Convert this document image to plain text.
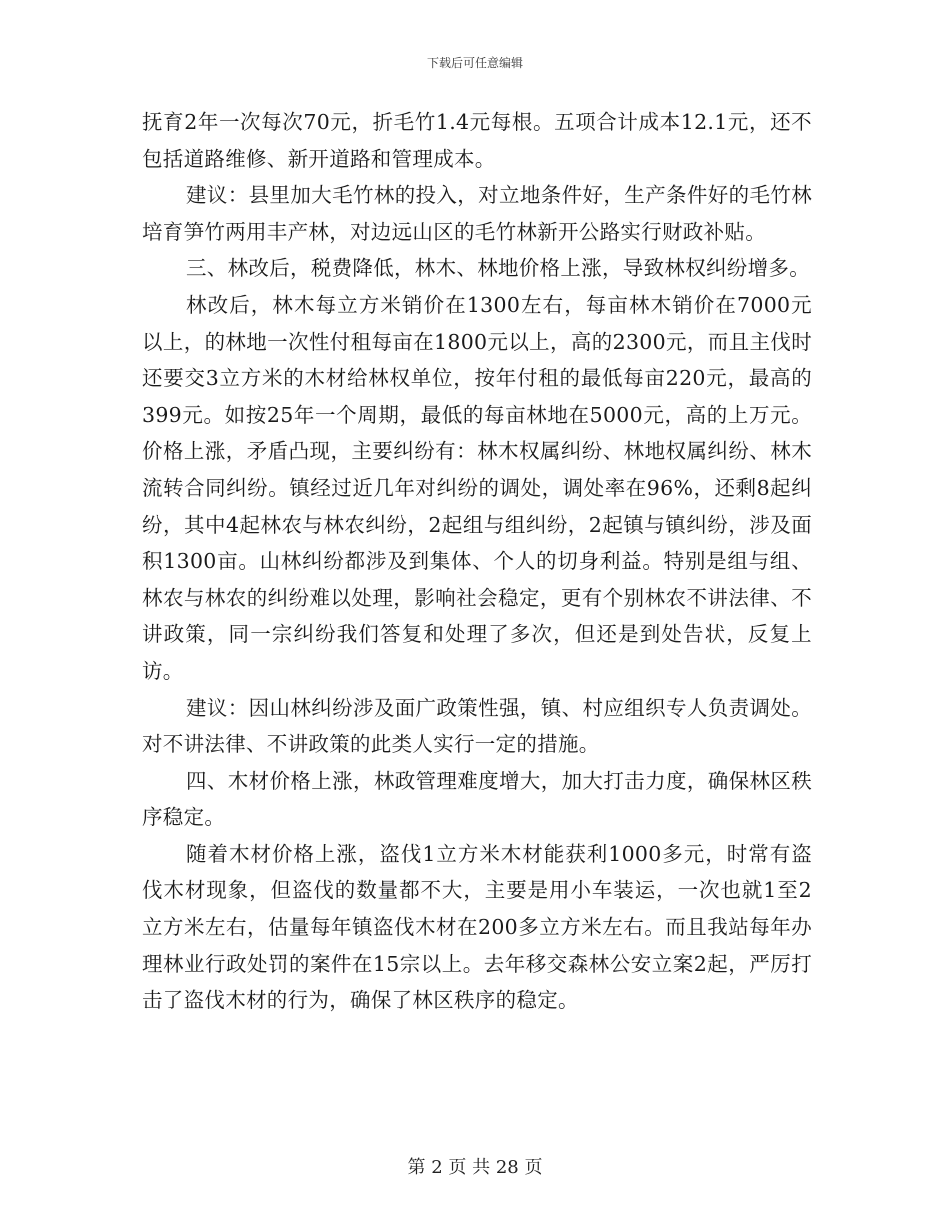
下载后可任意编辑

抚育2年一次每次70元，折毛竹1.4元每根。五项合计成本12.1元，还不包括道路维修、新开道路和管理成本。

建议：县里加大毛竹林的投入，对立地条件好，生产条件好的毛竹林培育笋竹两用丰产林，对边远山区的毛竹林新开公路实行财政补贴。

三、林改后，税费降低，林木、林地价格上涨，导致林权纠纷增多。

林改后，林木每立方米销价在1300左右，每亩林木销价在7000元以上，的林地一次性付租每亩在1800元以上，高的2300元，而且主伐时还要交3立方米的木材给林权单位，按年付租的最低每亩220元，最高的399元。如按25年一个周期，最低的每亩林地在5000元，高的上万元。价格上涨，矛盾凸现，主要纠纷有：林木权属纠纷、林地权属纠纷、林木流转合同纠纷。镇经过近几年对纠纷的调处，调处率在96%，还剩8起纠纷，其中4起林农与林农纠纷，2起组与组纠纷，2起镇与镇纠纷，涉及面积1300亩。山林纠纷都涉及到集体、个人的切身利益。特别是组与组、林农与林农的纠纷难以处理，影响社会稳定，更有个别林农不讲法律、不讲政策，同一宗纠纷我们答复和处理了多次，但还是到处告状，反复上访。

建议：因山林纠纷涉及面广政策性强，镇、村应组织专人负责调处。对不讲法律、不讲政策的此类人实行一定的措施。

四、木材价格上涨，林政管理难度增大，加大打击力度，确保林区秩序稳定。

随着木材价格上涨，盗伐1立方米木材能获利1000多元，时常有盗伐木材现象，但盗伐的数量都不大，主要是用小车装运，一次也就1至2立方米左右，估量每年镇盗伐木材在200多立方米左右。而且我站每年办理林业行政处罚的案件在15宗以上。去年移交森林公安立案2起，严厉打击了盗伐木材的行为，确保了林区秩序的稳定。

第 2 页 共 28 页
